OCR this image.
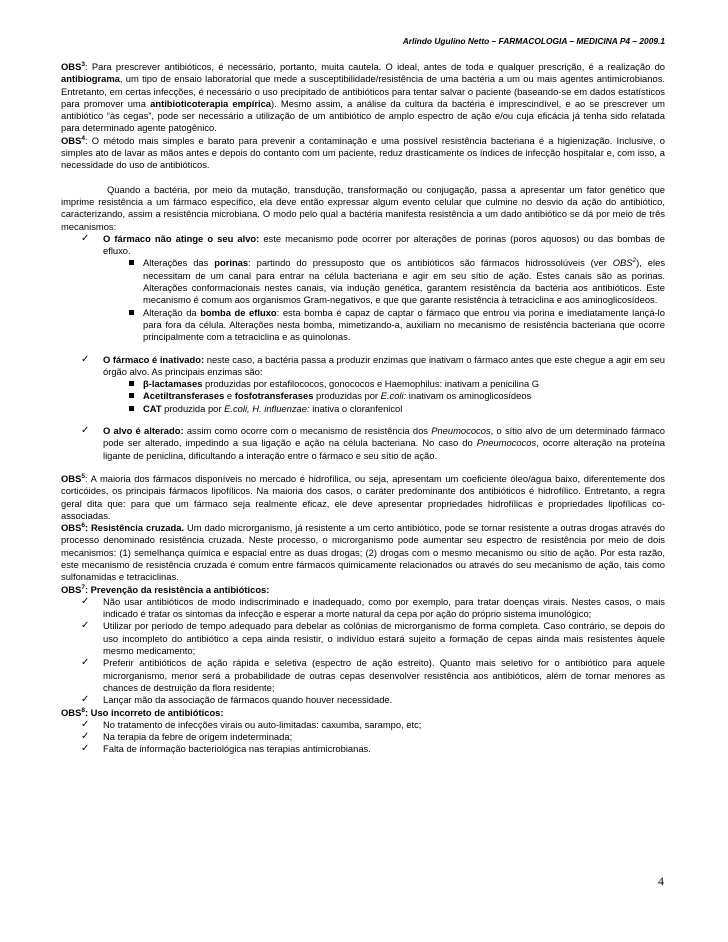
Arlindo Ugulino Netto – FARMACOLOGIA – MEDICINA P4 – 2009.1

OBS$^3$: Para prescrever antibióticos, é necessário, portanto, muita cautela. O ideal, antes de toda e qualquer prescrição, é a realização do antibiograma, um tipo de ensaio laboratorial que mede a susceptibilidade/resistência de uma bactéria a um ou mais agentes antimicrobianos. Entretanto, em certas infecções, é necessário o uso precipitado de antibióticos para tentar salvar o paciente (baseando-se em dados estatísticos para promover uma antibioticoterapia empírica). Mesmo assim, a análise da cultura da bactéria é imprescindível, e ao se prescrever um antibiótico “às cegas”, pode ser necessário a utilização de um antibiótico de amplo espectro de ação e/ou cuja eficácia já tenha sido relatada para determinado agente patogênico.

OBS$^4$: O método mais simples e barato para prevenir a contaminação e uma possível resistência bacteriana é a higienização. Inclusive, o simples ato de lavar as mãos antes e depois do contanto com um paciente, reduz drasticamente os índices de infecção hospitalar e, com isso, a necessidade do uso de antibióticos.

Quando a bactéria, por meio da mutação, transdução, transformação ou conjugação, passa a apresentar um fator genético que imprime resistência a um fármaco específico, ela deve então expressar algum evento celular que culmine no desvio da ação do antibiótico, caracterizando, assim a resistência microbiana. O modo pelo qual a bactéria manifesta resistência a um dado antibiótico se dá por meio de três mecanismos:

✓ O fármaco não atinge o seu alvo: este mecanismo pode ocorrer por alterações de porinas (poros aquosos) ou das bombas de efluxo.
Alterações das porinas: partindo do pressuposto que os antibióticos são fármacos hidrossolúveis (ver OBS$^2$), eles necessitam de um canal para entrar na célula bacteriana e agir em seu sítio de ação. Estes canais são as porinas. Alterações conformacionais nestes canais, via indução genética, garantem resistência da bactéria aos antibióticos. Este mecanismo é comum aos organismos Gram-negativos, e que que garante resistência à tetraciclina e aos aminoglicosídeos.
Alteração da bomba de efluxo: esta bomba é capaz de captar o fármaco que entrou via porina e imediatamente lançá-lo para fora da célula. Alterações nesta bomba, mimetizando-a, auxiliam no mecanismo de resistência bacteriana que ocorre principalmente com a tetraciclina e as quinolonas.
✓ O fármaco é inativado: neste caso, a bactéria passa a produzir enzimas que inativam o fármaco antes que este chegue a agir em seu órgão alvo. As principais enzimas são:
β-lactamases produzidas por estafilococos, gonococos e Haemophilus: inativam a penicilina G
Acetiltransferases e fosfotransferases produzidas por E.coli: inativam os aminoglicosídeos
CAT produzida por E.coli, H. influenzae: inativa o cloranfenicol
✓ O alvo é alterado: assim como ocorre com o mecanismo de resistência dos Pneumococos, o sítio alvo de um determinado fármaco pode ser alterado, impedindo a sua ligação e ação na célula bacteriana. No caso do Pneumococos, ocorre alteração na proteína ligante de peniclina, dificultando a interação entre o fármaco e seu sítio de ação.

OBS$^5$: A maioria dos fármacos disponíveis no mercado é hidrofílica, ou seja, apresentam um coeficiente óleo/água baixo, diferentemente dos corticóides, os principais fármacos lipofílicos. Na maioria dos casos, o caráter predominante dos antibióticos é hidrofílico. Entretanto, a regra geral dita que: para que um fármaco seja realmente eficaz, ele deve apresentar propriedades hidrofílicas e propriedades lipofílicas co-associadas.

OBS$^6$: Resistência cruzada. Um dado microrganismo, já resistente a um certo antibiótico, pode se tornar resistente a outras drogas através do processo denominado resistência cruzada. Neste processo, o microrganismo pode aumentar seu espectro de resistência por meio de dois mecanismos: (1) semelhança química e espacial entre as duas drogas; (2) drogas com o mesmo mecanismo ou sítio de ação. Por esta razão, este mecanismo de resistência cruzada é comum entre fármacos quimicamente relacionados ou através do seu mecanismo de ação, tais como sulfonamidas e tetraciclinas.

OBS$^7$: Prevenção da resistência a antibióticos:

✓ Não usar antibióticos de modo indiscriminado e inadequado, como por exemplo, para tratar doenças virais. Nestes casos, o mais indicado é tratar os sintomas da infecção e esperar a morte natural da cepa por ação do próprio sistema imunológico;
✓ Utilizar por período de tempo adequado para debelar as colônias de microrganismo de forma completa. Caso contrário, se depois do uso incompleto do antibiótico a cepa ainda resistir, o indivíduo estará sujeito a formação de cepas ainda mais resistentes àquele mesmo medicamento;
✓ Preferir antibióticos de ação rápida e seletiva (espectro de ação estreito). Quanto mais seletivo for o antibiótico para aquele microrganismo, menor será a probabilidade de outras cepas desenvolver resistência aos antibióticos, além de tornar menores as chances de destruição da flora residente;
✓ Lançar mão da associação de fármacos quando houver necessidade.

OBS$^8$: Uso incorreto de antibióticos:

✓ No tratamento de infecções virais ou auto-limitadas: caxumba, sarampo, etc;
✓ Na terapia da febre de origem indeterminada;
✓ Falta de informação bacteriológica nas terapias antimicrobianas.
4
